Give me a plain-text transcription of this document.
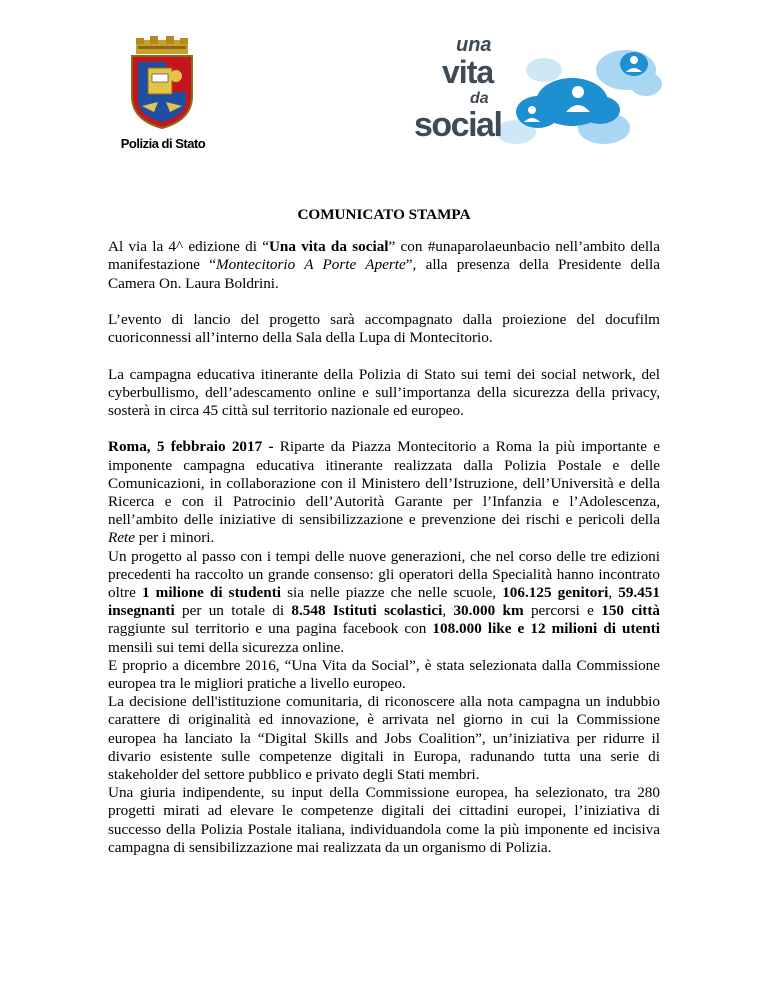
Polizia di Stato
una
vita
da
social
COMUNICATO STAMPA

Al via la 4^ edizione di “Una vita da social” con #unaparolaeunbacio nell’ambito della manifestazione “Montecitorio A Porte Aperte”, alla presenza della Presidente della Camera On. Laura Boldrini.

L’evento di lancio del progetto sarà accompagnato dalla proiezione del docufilm cuoriconnessi all’interno della Sala della Lupa di Montecitorio.

La campagna educativa itinerante della Polizia di Stato sui temi dei social network, del cyberbullismo, dell’adescamento online e sull’importanza della sicurezza della privacy, sosterà in circa 45 città sul territorio nazionale ed europeo.

Roma, 5 febbraio 2017 - Riparte da Piazza Montecitorio a Roma la più importante e imponente campagna educativa itinerante realizzata dalla Polizia Postale e delle Comunicazioni, in collaborazione con il Ministero dell’Istruzione, dell’Università e della Ricerca e con il Patrocinio dell’Autorità Garante per l’Infanzia e l’Adolescenza, nell’ambito delle iniziative di sensibilizzazione e prevenzione dei rischi e pericoli della Rete per i minori.

Un progetto al passo con i tempi delle nuove generazioni, che nel corso delle tre edizioni precedenti ha raccolto un grande consenso: gli operatori della Specialità hanno incontrato oltre 1 milione di studenti sia nelle piazze che nelle scuole, 106.125 genitori, 59.451 insegnanti per un totale di 8.548 Istituti scolastici, 30.000 km percorsi e 150 città raggiunte sul territorio e una pagina facebook con 108.000 like e 12 milioni di utenti mensili sui temi della sicurezza online.

E proprio a dicembre 2016, “Una Vita da Social”, è stata selezionata dalla Commissione europea tra le migliori pratiche a livello europeo.

La decisione dell'istituzione comunitaria, di riconoscere alla nota campagna un indubbio carattere di originalità ed innovazione, è arrivata nel giorno in cui la Commissione europea ha lanciato la “Digital Skills and Jobs Coalition”, un’iniziativa per ridurre il divario esistente sulle competenze digitali in Europa, radunando tutta una serie di stakeholder del settore pubblico e privato degli Stati membri.

Una giuria indipendente, su input della Commissione europea, ha selezionato, tra 280 progetti mirati ad elevare le competenze digitali dei cittadini europei, l’iniziativa di successo della Polizia Postale italiana, individuandola come la più imponente ed incisiva campagna di sensibilizzazione mai realizzata da un organismo di Polizia.
